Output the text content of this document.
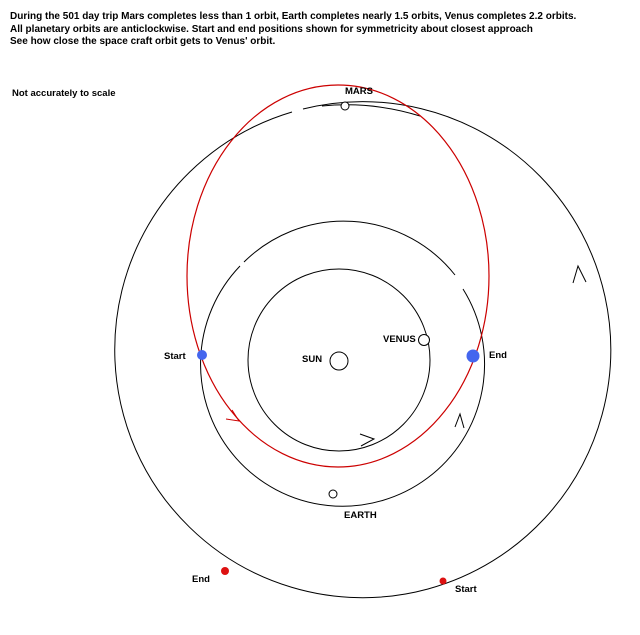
During the 501 day trip Mars completes less than 1 orbit, Earth completes nearly 1.5 orbits, Venus completes 2.2 orbits.
All planetary orbits are anticlockwise. Start and end positions shown for symmetricity about closest approach
See how close the space craft orbit gets to Venus' orbit.
Not accurately to scale	MARS
VENUS
SUN
EARTH
Start	End
End
Start
